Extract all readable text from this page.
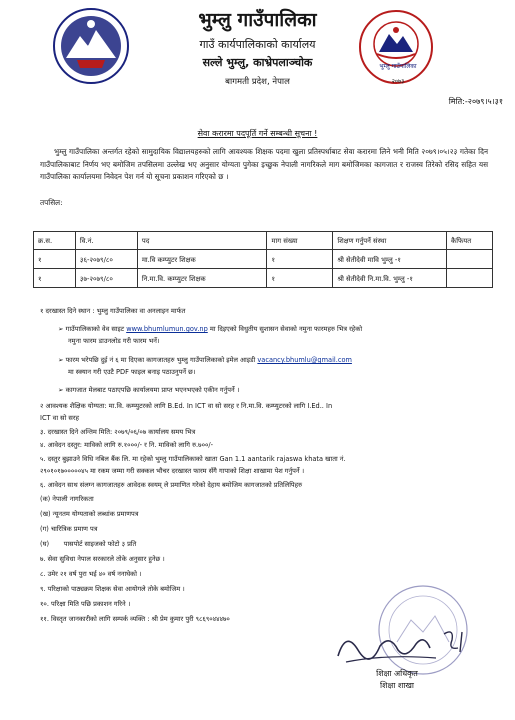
भुम्लु गाउँपालिका
२०७३
भुम्लु गाउँपालिका
गाउँ कार्यपालिकाको कार्यालय
सल्ले भुम्लु, काभ्रेपलाञ्चोक
बागमती प्रदेश, नेपाल
मिति:-२०७९।५।३१
सेवा करारमा पदपूर्ति गर्ने सम्बन्धी सूचना !
भुम्लु गाउँपालिका अन्तर्गत रहेको सामुदायिक विद्यालयहरुको लागि आवश्यक शिक्षक पदमा खुला प्रतिस्पर्धाबाट सेवा करारमा लिने भनी मिति २०७९।०५।२३ गतेका दिन गाउँपालिकाबाट निर्णय भए बमोजिम तपसिलमा उल्लेख भए अनुसार योग्यता पुगेका इच्छुक नेपाली नागरिकले माग बमोजिमका कागजात र राजस्व तिरेको रसिद सहित यस गाउँपालिका कार्यालयमा निवेदन पेश गर्न यो सूचना प्रकाशन गरिएको छ ।
तपसिल:
क्र.स.	वि.नं.	पद	माग संख्या	शिक्षण गर्नुपर्ने संस्था	कैफियत
१	३६-२०७९/८०	मा.वि कम्प्युटर शिक्षक	१	श्री सेतीदेवी मावि भुम्लु -१	
१	३७-२०७९/८०	नि.मा.वि. कम्प्युटर शिक्षक	१	श्री सेतीदेवी नि.मा.वि. भुम्लु -१	
१ दरखास्त दिने स्थान : भुम्लु गाउँपालिका वा अनलाइन मार्फत
➢ गाउँपालिकाको वेव साइट www.bhumlumun.gov.np मा दिइएको विधुतीय सुशासन सेवाको नमुना फारमहरु भित्र रहेको
नमुना फारम डाउनलोड गरी फारम भर्ने।
➢ फारम भरेपछि दुई नं ६ मा दिएका कागजातहरु भुम्लु गाउँपालिकाको इमेल आइडी vacancy.bhumlu@gmail.com
मा स्क्यान गरी एउटै PDF फाइल बनाइ पठाउनुपर्ने छ।
➢ कागजात मेलबाट पठाएपछि कार्यालयमा प्राप्त भएनभएको एकीन गर्नुपर्ने ।
२ आवश्यक शैक्षिक योग्यता: मा.वि. कम्प्युटरको लागि B.Ed. In ICT वा सो सरह र नि.मा.वि. कम्प्युटरको लागि I.Ed.. In
ICT वा सो सरह
३. दरखास्त दिने अन्तिम मिति: २०७९/०६/०७ कार्यालय समय भित्र
४. आवेदन दस्तुर: माविको लागि रु.१०००/- र नि. माविको लागि रु.७००/-
५. दस्तुर बुझाउने विधि नबिल बैंक लि. मा रहेको भुम्लु गाउँपालिकाको खाता Gan 1.1 aantarik rajaswa khata खाता नं.
२९०१०१७०००००४५ मा रकम जम्मा गरी सक्कल भौचर दरखास्त फारम सँगै गापाको शिक्षा शाखामा पेश गर्नुपर्ने ।
६. आवेदन साथ संलग्न कागजातहरु आवेदक स्वयम् ले प्रमाणित गरेको देहाय बमोजिम कागजातको प्रतिलिपिहरु
(क) नेपाली नागरिकता
(ख) न्यूनतम योग्यताको लब्धांक प्रमाणपत्र
(ग) चारित्रिक प्रमाण पत्र
(घ)       पासपोर्ट साइजको फोटो ३ प्रति
७. सेवा सुविधा नेपाल सरकारले तोके अनुसार हुनेछ ।
८. उमेर २१ वर्ष पुरा भई ४० वर्ष ननाघेको ।
९. परिक्षाको पाठ्यक्रम शिक्षक सेवा आयोगले तोके बमोजिम ।
१०. परिक्षा मिति पछि प्रकाशन गरिने ।
११. विस्तृत जानकारीको लागि सम्पर्क व्यक्ति : श्री प्रेम कुमार पुरी ९८६९०४४४७०
शिक्षा अधिकृत
शिक्षा शाखा
